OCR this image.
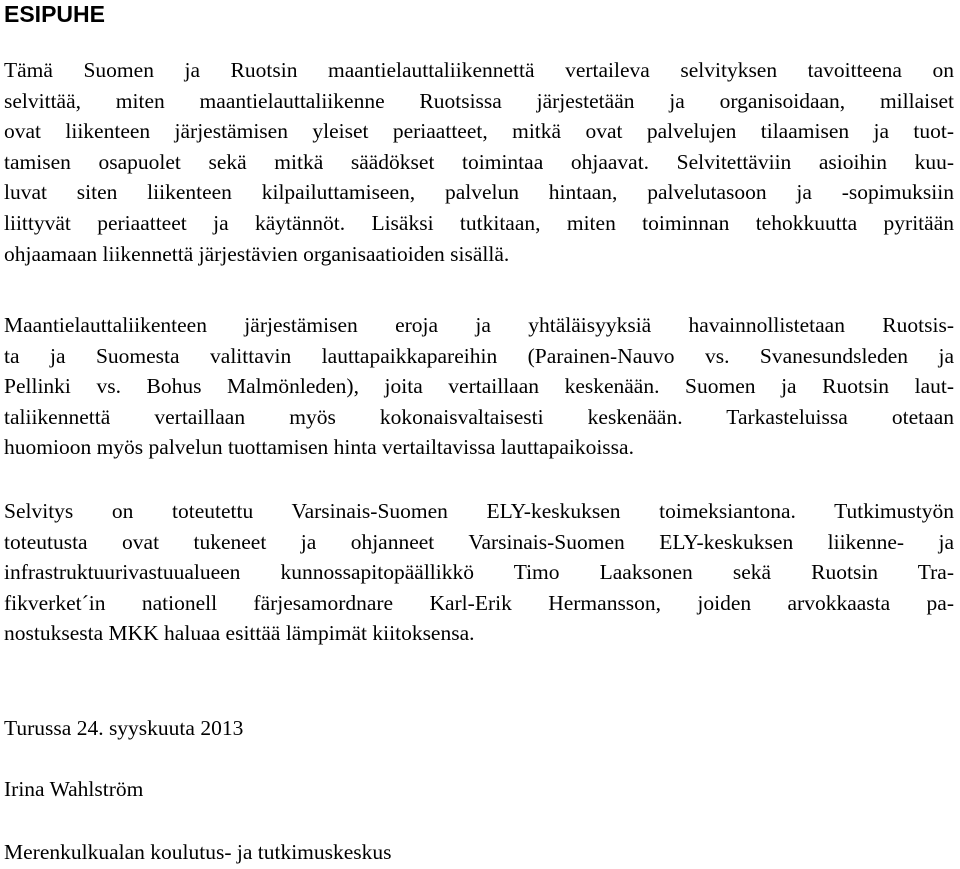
ESIPUHE
Tämä Suomen ja Ruotsin maantielauttaliikennettä vertaileva selvityksen tavoitteena on
selvittää, miten maantielauttaliikenne Ruotsissa järjestetään ja organisoidaan, millaiset
ovat liikenteen järjestämisen yleiset periaatteet, mitkä ovat palvelujen tilaamisen ja tuot-
tamisen osapuolet sekä mitkä säädökset toimintaa ohjaavat. Selvitettäviin asioihin kuu-
luvat siten liikenteen kilpailuttamiseen, palvelun hintaan, palvelutasoon ja -sopimuksiin
liittyvät periaatteet ja käytännöt. Lisäksi tutkitaan, miten toiminnan tehokkuutta pyritään
ohjaamaan liikennettä järjestävien organisaatioiden sisällä.
Maantielauttaliikenteen järjestämisen eroja ja yhtäläisyyksiä havainnollistetaan Ruotsis-
ta ja Suomesta valittavin lauttapaikkapareihin (Parainen-Nauvo vs. Svanesundsleden ja
Pellinki vs. Bohus Malmönleden), joita vertaillaan keskenään. Suomen ja Ruotsin laut-
taliikennettä vertaillaan myös kokonaisvaltaisesti keskenään. Tarkasteluissa otetaan
huomioon myös palvelun tuottamisen hinta vertailtavissa lauttapaikoissa.
Selvitys on toteutettu Varsinais-Suomen ELY-keskuksen toimeksiantona. Tutkimustyön
toteutusta ovat tukeneet ja ohjanneet Varsinais-Suomen ELY-keskuksen liikenne- ja
infrastruktuurivastuualueen kunnossapitopäällikkö Timo Laaksonen sekä Ruotsin Tra-
fikverket´in nationell färjesamordnare Karl-Erik Hermansson, joiden arvokkaasta pa-
nostuksesta MKK haluaa esittää lämpimät kiitoksensa.

Turussa 24. syyskuuta 2013

Irina Wahlström

Merenkulkualan koulutus- ja tutkimuskeskus
